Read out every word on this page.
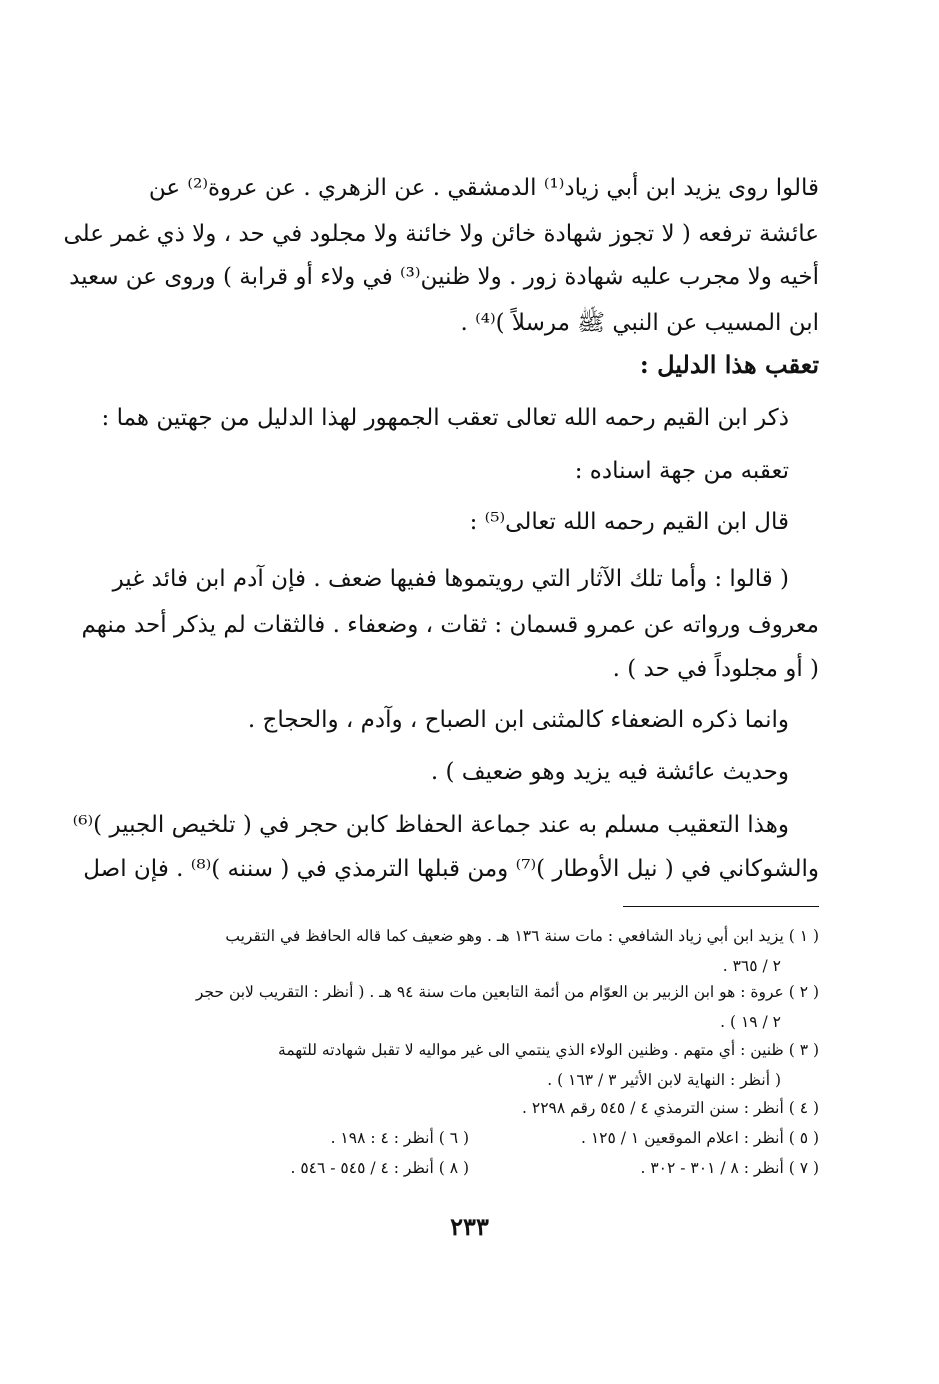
قالوا روى يزيد ابن أبي زياد⁽¹⁾ الدمشقي . عن الزهري . عن عروة⁽²⁾ عن
عائشة ترفعه ( لا تجوز شهادة خائن ولا خائنة ولا مجلود في حد ، ولا ذي غمر على
أخيه ولا مجرب عليه شهادة زور . ولا ظنين⁽³⁾ في ولاء أو قرابة ) وروى عن سعيد
ابن المسيب عن النبي ﷺ مرسلاً )⁽⁴⁾ .
تعقب هذا الدليل :
ذكر ابن القيم رحمه الله تعالى تعقب الجمهور لهذا الدليل من جهتين هما :
تعقبه من جهة اسناده :
قال ابن القيم رحمه الله تعالى⁽⁵⁾ :
( قالوا : وأما تلك الآثار التي رويتموها ففيها ضعف . فإن آدم ابن فائد غير
معروف ورواته عن عمرو قسمان : ثقات ، وضعفاء . فالثقات لم يذكر أحد منهم
( أو مجلوداً في حد ) .
وانما ذكره الضعفاء كالمثنى ابن الصباح ، وآدم ، والحجاج .
وحديث عائشة فيه يزيد وهو ضعيف ) .
وهذا التعقيب مسلم به عند جماعة الحفاظ كابن حجر في ( تلخيص الجبير )⁽⁶⁾
والشوكاني في ( نيل الأوطار )⁽⁷⁾ ومن قبلها الترمذي في ( سننه )⁽⁸⁾ . فإن اصل
( ١ ) يزيد ابن أبي زياد الشافعي : مات سنة ١٣٦ هـ . وهو ضعيف كما قاله الحافظ في التقريب
٢ / ٣٦٥ .
( ٢ ) عروة : هو ابن الزبير بن العوّام من أئمة التابعين مات سنة ٩٤ هـ . ( أنظر : التقريب لابن حجر
٢ / ١٩ ) .
( ٣ ) ظنين : أي متهم . وظنين الولاء الذي ينتمي الى غير مواليه لا تقبل شهادته للتهمة
( أنظر : النهاية لابن الأثير ٣ / ١٦٣ ) .
( ٤ ) أنظر : سنن الترمذي ٤ / ٥٤٥ رقم ٢٢٩٨ .
( ٥ ) أنظر : اعلام الموقعين ١ / ١٢٥ .
( ٦ ) أنظر : ٤ : ١٩٨ .
( ٧ ) أنظر : ٨ / ٣٠١ - ٣٠٢ .
( ٨ ) أنظر : ٤ / ٥٤٥ - ٥٤٦ .
٢٣٣
